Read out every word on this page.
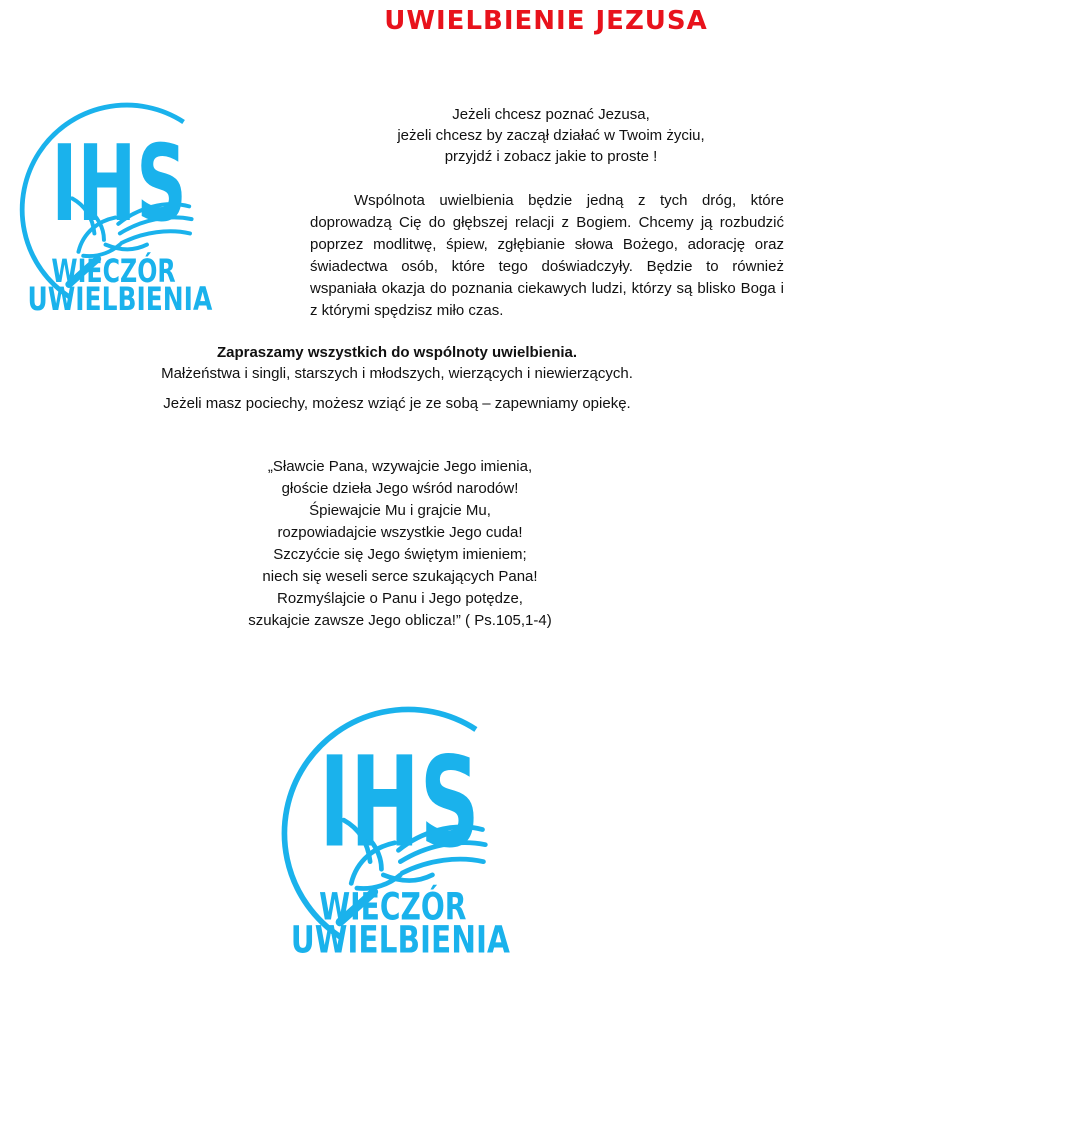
UWIELBIENIE JEZUSA
IHS
WIECZÓR
UWIELBIENIA
Jeżeli chcesz poznać Jezusa,
jeżeli chcesz by zaczął działać w Twoim życiu,
przyjdź i zobacz jakie to proste !
Wspólnota uwielbienia będzie jedną z tych dróg, które doprowadzą Cię do głębszej relacji z Bogiem. Chcemy ją rozbudzić poprzez modlitwę, śpiew, zgłębianie słowa Bożego, adorację oraz świadectwa osób, które tego doświadczyły. Będzie to również wspaniała okazja do poznania ciekawych ludzi, którzy są blisko Boga i z którymi spędzisz miło czas.
Zapraszamy wszystkich do wspólnoty uwielbienia.
Małżeństwa i singli, starszych i młodszych, wierzących i niewierzących.
Jeżeli masz pociechy, możesz wziąć je ze sobą – zapewniamy opiekę.
„Sławcie Pana, wzywajcie Jego imienia,
głoście dzieła Jego wśród narodów!
Śpiewajcie Mu i grajcie Mu,
rozpowiadajcie wszystkie Jego cuda!
Szczyćcie się Jego świętym imieniem;
niech się weseli serce szukających Pana!
Rozmyślajcie o Panu i Jego potędze,
szukajcie zawsze Jego oblicza!” ( Ps.105,1-4)
IHS
WIECZÓR
UWIELBIENIA
